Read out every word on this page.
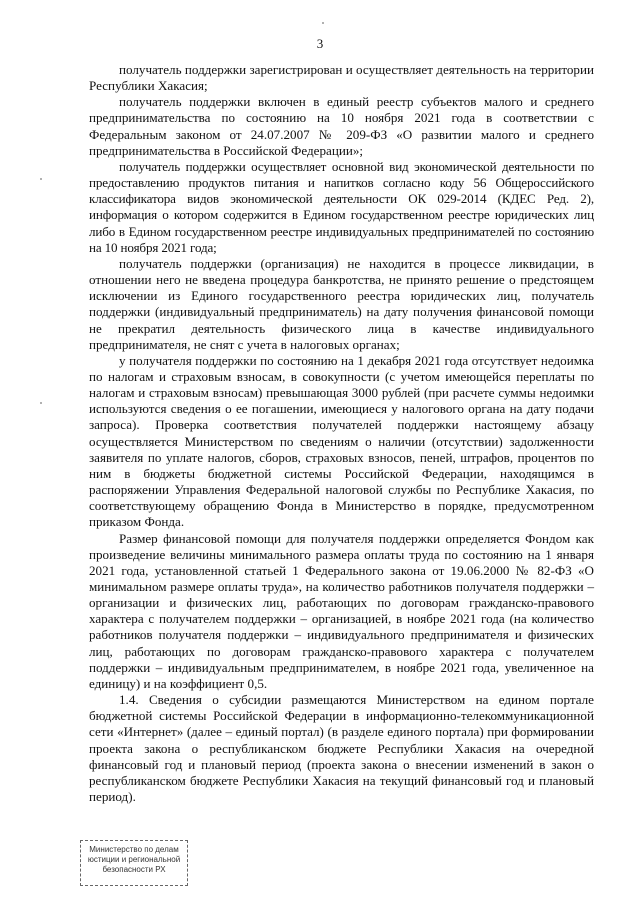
3

получатель поддержки зарегистрирован и осуществляет деятельность на территории Республики Хакасия;

получатель поддержки включен в единый реестр субъектов малого и среднего предпринимательства по состоянию на 10 ноября 2021 года в соответствии с Федеральным законом от 24.07.2007 № 209-ФЗ «О развитии малого и среднего предпринимательства в Российской Федерации»;

получатель поддержки осуществляет основной вид экономической деятельности по предоставлению продуктов питания и напитков согласно коду 56 Общероссийского классификатора видов экономической деятельности ОК 029-2014 (КДЕС Ред. 2), информация о котором содержится в Едином государственном реестре юридических лиц либо в Едином государственном реестре индивидуальных предпринимателей по состоянию на 10 ноября 2021 года;

получатель поддержки (организация) не находится в процессе ликвидации, в отношении него не введена процедура банкротства, не принято решение о предстоящем исключении из Единого государственного реестра юридических лиц, получатель поддержки (индивидуальный предприниматель) на дату получения финансовой помощи не прекратил деятельность физического лица в качестве индивидуального предпринимателя, не снят с учета в налоговых органах;

у получателя поддержки по состоянию на 1 декабря 2021 года отсутствует недоимка по налогам и страховым взносам, в совокупности (с учетом имеющейся переплаты по налогам и страховым взносам) превышающая 3000 рублей (при расчете суммы недоимки используются сведения о ее погашении, имеющиеся у налогового органа на дату подачи запроса). Проверка соответствия получателей поддержки настоящему абзацу осуществляется Министерством по сведениям о наличии (отсутствии) задолженности заявителя по уплате налогов, сборов, страховых взносов, пеней, штрафов, процентов по ним в бюджеты бюджетной системы Российской Федерации, находящимся в распоряжении Управления Федеральной налоговой службы по Республике Хакасия, по соответствующему обращению Фонда в Министерство в порядке, предусмотренном приказом Фонда.

Размер финансовой помощи для получателя поддержки определяется Фондом как произведение величины минимального размера оплаты труда по состоянию на 1 января 2021 года, установленной статьей 1 Федерального закона от 19.06.2000 № 82-ФЗ «О минимальном размере оплаты труда», на количество работников получателя поддержки – организации и физических лиц, работающих по договорам гражданско-правового характера с получателем поддержки – организацией, в ноябре 2021 года (на количество работников получателя поддержки – индивидуального предпринимателя и физических лиц, работающих по договорам гражданско-правового характера с получателем поддержки – индивидуальным предпринимателем, в ноябре 2021 года, увеличенное на единицу) и на коэффициент 0,5.

1.4. Сведения о субсидии размещаются Министерством на едином портале бюджетной системы Российской Федерации в информационно-телекоммуникационной сети «Интернет» (далее – единый портал) (в разделе единого портала) при формировании проекта закона о республиканском бюджете Республики Хакасия на очередной финансовый год и плановый период (проекта закона о внесении изменений в закон о республиканском бюджете Республики Хакасия на текущий финансовый год и плановый период).

Министерство по делам
юстиции и региональной
безопасности РХ
